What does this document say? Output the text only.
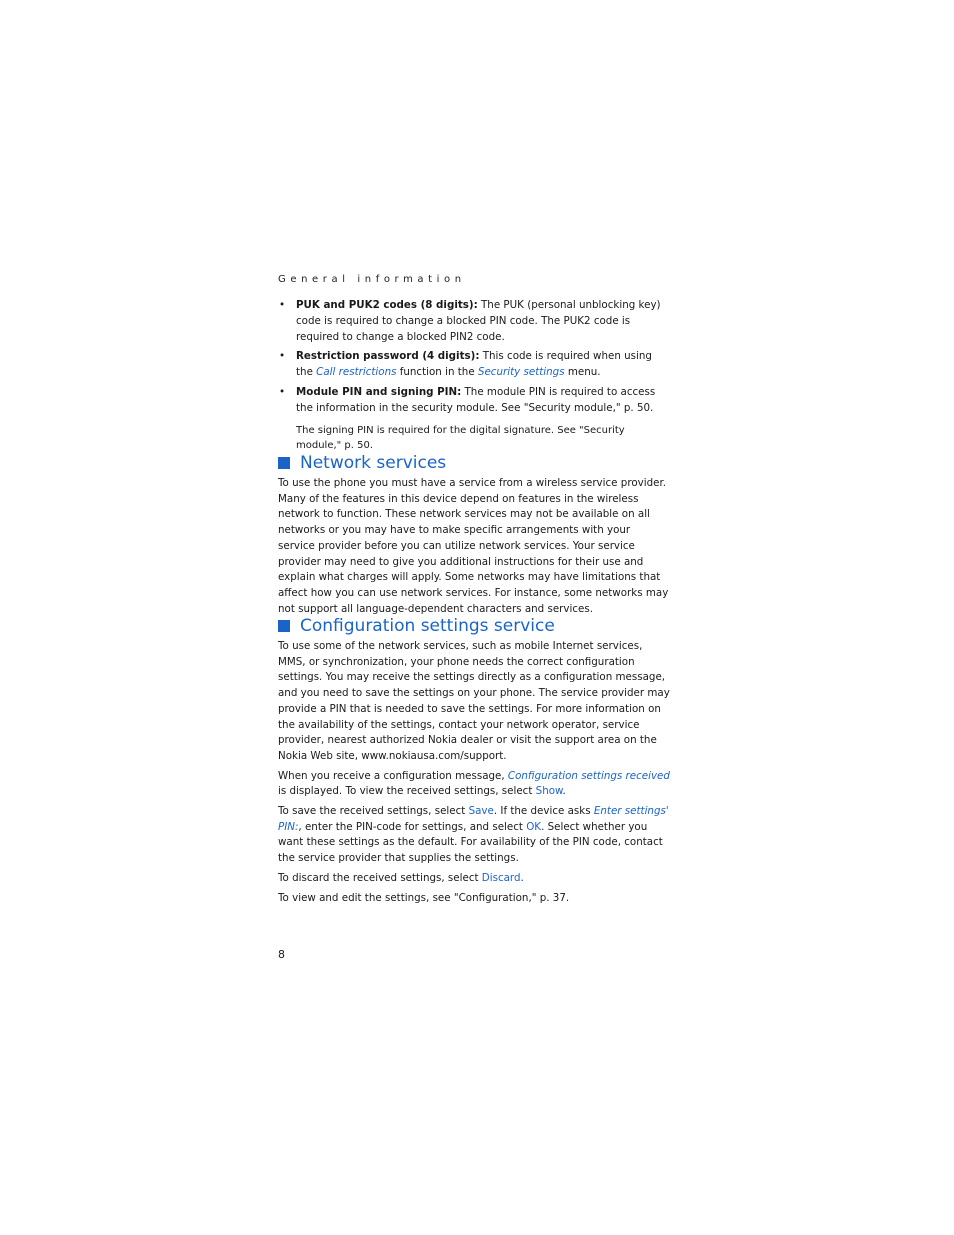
General information
• PUK and PUK2 codes (8 digits): The PUK (personal unblocking key) code is required to change a blocked PIN code. The PUK2 code is required to change a blocked PIN2 code.
• Restriction password (4 digits): This code is required when using the Call restrictions function in the Security settings menu.
• Module PIN and signing PIN: The module PIN is required to access the information in the security module. See "Security module," p. 50.
The signing PIN is required for the digital signature. See "Security module," p. 50.
Network services

To use the phone you must have a service from a wireless service provider. Many of the features in this device depend on features in the wireless network to function. These network services may not be available on all networks or you may have to make specific arrangements with your service provider before you can utilize network services. Your service provider may need to give you additional instructions for their use and explain what charges will apply. Some networks may have limitations that affect how you can use network services. For instance, some networks may not support all language-dependent characters and services.

Configuration settings service

To use some of the network services, such as mobile Internet services, MMS, or synchronization, your phone needs the correct configuration settings. You may receive the settings directly as a configuration message, and you need to save the settings on your phone. The service provider may provide a PIN that is needed to save the settings. For more information on the availability of the settings, contact your network operator, service provider, nearest authorized Nokia dealer or visit the support area on the Nokia Web site, www.nokiausa.com/support.

When you receive a configuration message, Configuration settings received is displayed. To view the received settings, select Show.

To save the received settings, select Save. If the device asks Enter settings' PIN:, enter the PIN-code for settings, and select OK. Select whether you want these settings as the default. For availability of the PIN code, contact the service provider that supplies the settings.

To discard the received settings, select Discard.

To view and edit the settings, see "Configuration," p. 37.

8
